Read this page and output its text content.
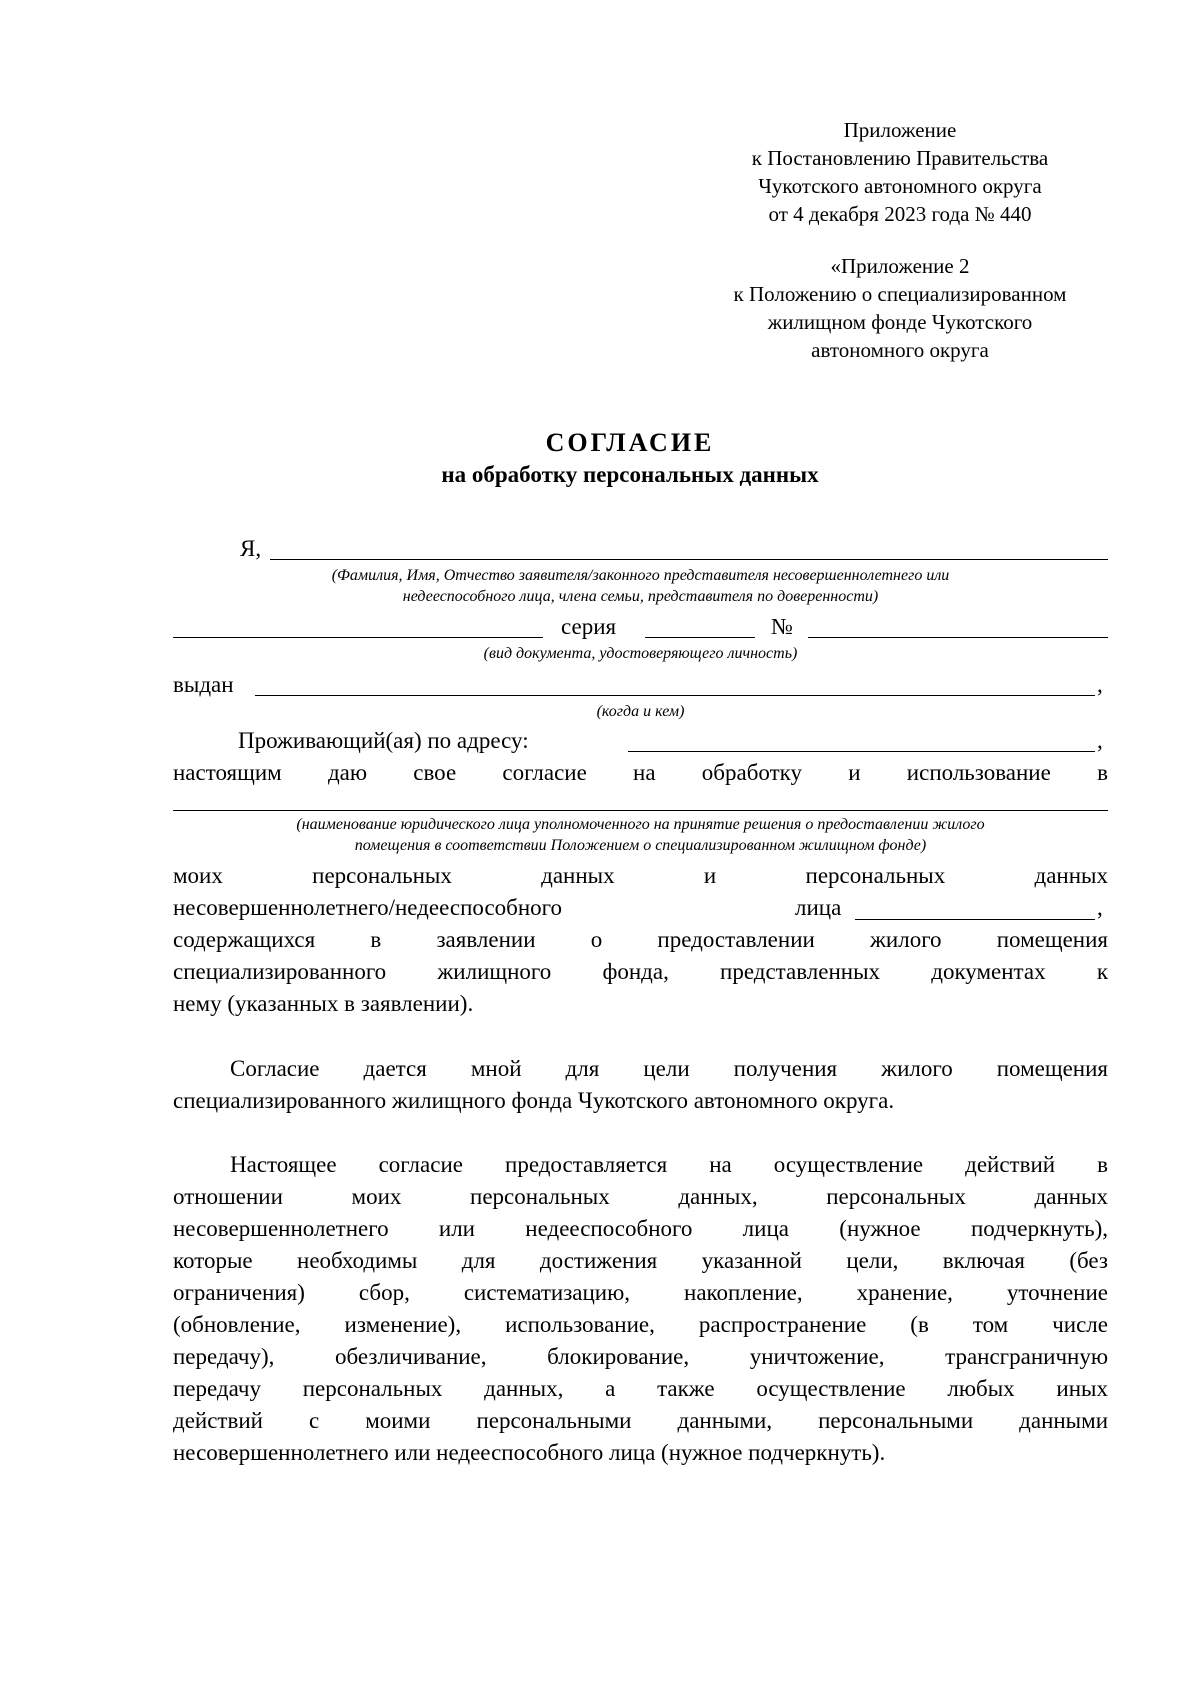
Приложение
к Постановлению Правительства
Чукотского автономного округа
от 4 декабря 2023 года № 440
«Приложение 2
к Положению о специализированном
жилищном фонде Чукотского
автономного округа
СОГЛАСИЕ
на обработку персональных данных
Я,
(Фамилия, Имя, Отчество заявителя/законного представителя несовершеннолетнего или
недееспособного лица, члена семьи, представителя по доверенности)
серия	№
(вид документа, удостоверяющего личность)
выдан	,
(когда и кем)
Проживающий(ая) по адресу:	,
настоящим даю свое согласие на обработку и использование в
(наименование юридического лица уполномоченного на принятие решения о предоставлении жилого
помещения в соответствии Положением о специализированном жилищном фонде)
моих персональных данных и персональных данных
несовершеннолетнего/недееспособного	лица	,
содержащихся в заявлении о предоставлении жилого помещения
специализированного жилищного фонда, представленных документах к
нему (указанных в заявлении).
Согласие дается мной для цели получения жилого помещения
специализированного жилищного фонда Чукотского автономного округа.
Настоящее согласие предоставляется на осуществление действий в
отношении моих персональных данных, персональных данных
несовершеннолетнего или недееспособного лица (нужное подчеркнуть),
которые необходимы для достижения указанной цели, включая (без
ограничения) сбор, систематизацию, накопление, хранение, уточнение
(обновление, изменение), использование, распространение (в том числе
передачу), обезличивание, блокирование, уничтожение, трансграничную
передачу персональных данных, а также осуществление любых иных
действий с моими персональными данными, персональными данными
несовершеннолетнего или недееспособного лица (нужное подчеркнуть).
